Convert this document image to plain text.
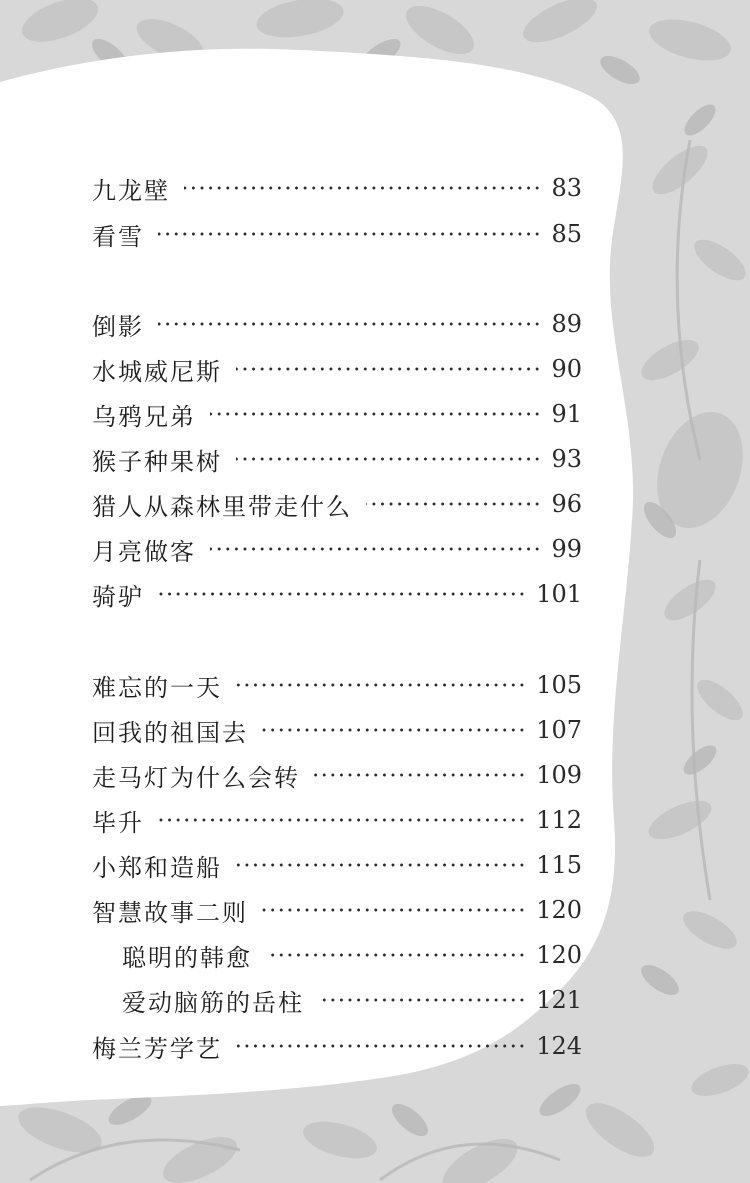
九龙壁	83
看雪	85
倒影	89
水城威尼斯	90
乌鸦兄弟	91
猴子种果树	93
猎人从森林里带走什么	96
月亮做客	99
骑驴	101
难忘的一天	105
回我的祖国去	107
走马灯为什么会转	109
毕升	112
小郑和造船	115
智慧故事二则	120
聪明的韩愈	120
爱动脑筋的岳柱	121
梅兰芳学艺	124
